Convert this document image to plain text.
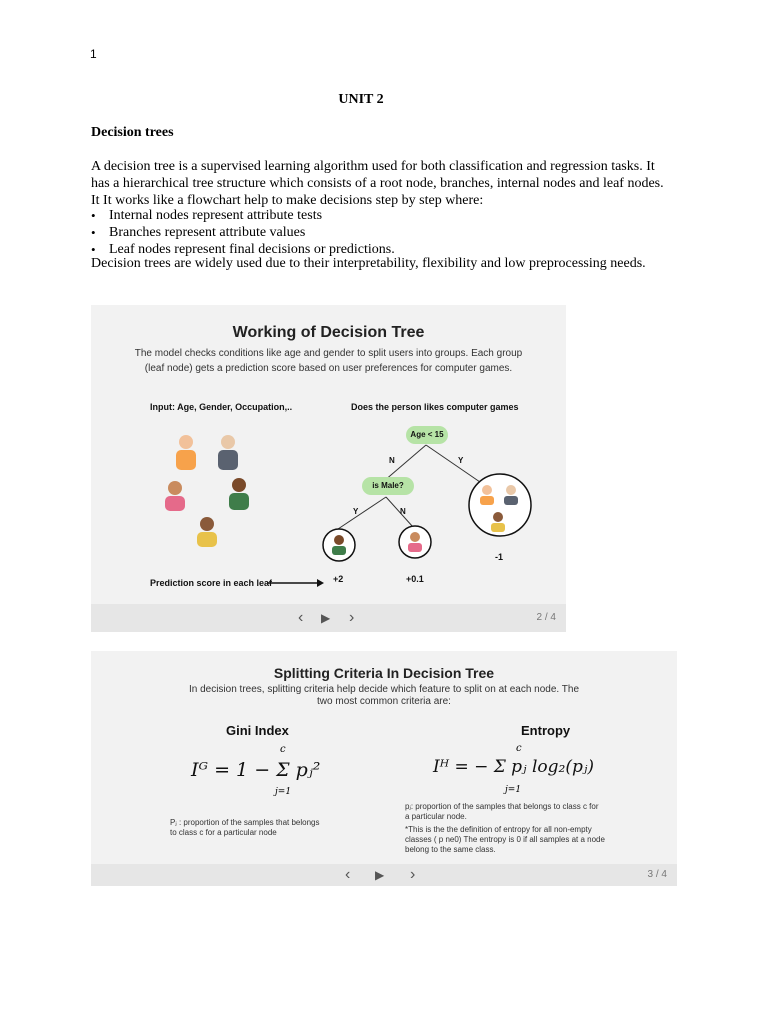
1
UNIT 2
Decision trees

A decision tree is a supervised learning algorithm used for both classification and regression tasks. It

has a hierarchical tree structure which consists of a root node, branches, internal nodes and leaf nodes.

It It works like a flowchart help to make decisions step by step where:

• Internal nodes represent attribute tests
• Branches represent attribute values
• Leaf nodes represent final decisions or predictions.
Decision trees are widely used due to their interpretability, flexibility and low preprocessing needs.
Working of Decision Tree
The model checks conditions like age and gender to split users into groups. Each group
(leaf node) gets a prediction score based on user preferences for computer games.
Input: Age, Gender, Occupation,..	Does the person likes computer games
Age < 15
N	Y
is Male?
Y	N
+2	+0.1
-1
Prediction score in each leaf
‹ ▶ ›	2 / 4
Splitting Criteria In Decision Tree
In decision trees, splitting criteria help decide which feature to split on at each node. The
two most common criteria are:
Gini Index	Entropy
c
Iᴳ = 1 − Σ pⱼ²
j=1
c
Iᴴ = − Σ pⱼ log₂(pⱼ)
j=1
Pⱼ : proportion of the samples that belongs
to class c for a particular node
pⱼ: proportion of the samples that belongs to class c for
a particular node.
*This is the the definition of entropy for all non-empty
classes ( p ne0) The entropy is 0 if all samples at a node
belong to the same class.
‹ ▶ ›	3 / 4
